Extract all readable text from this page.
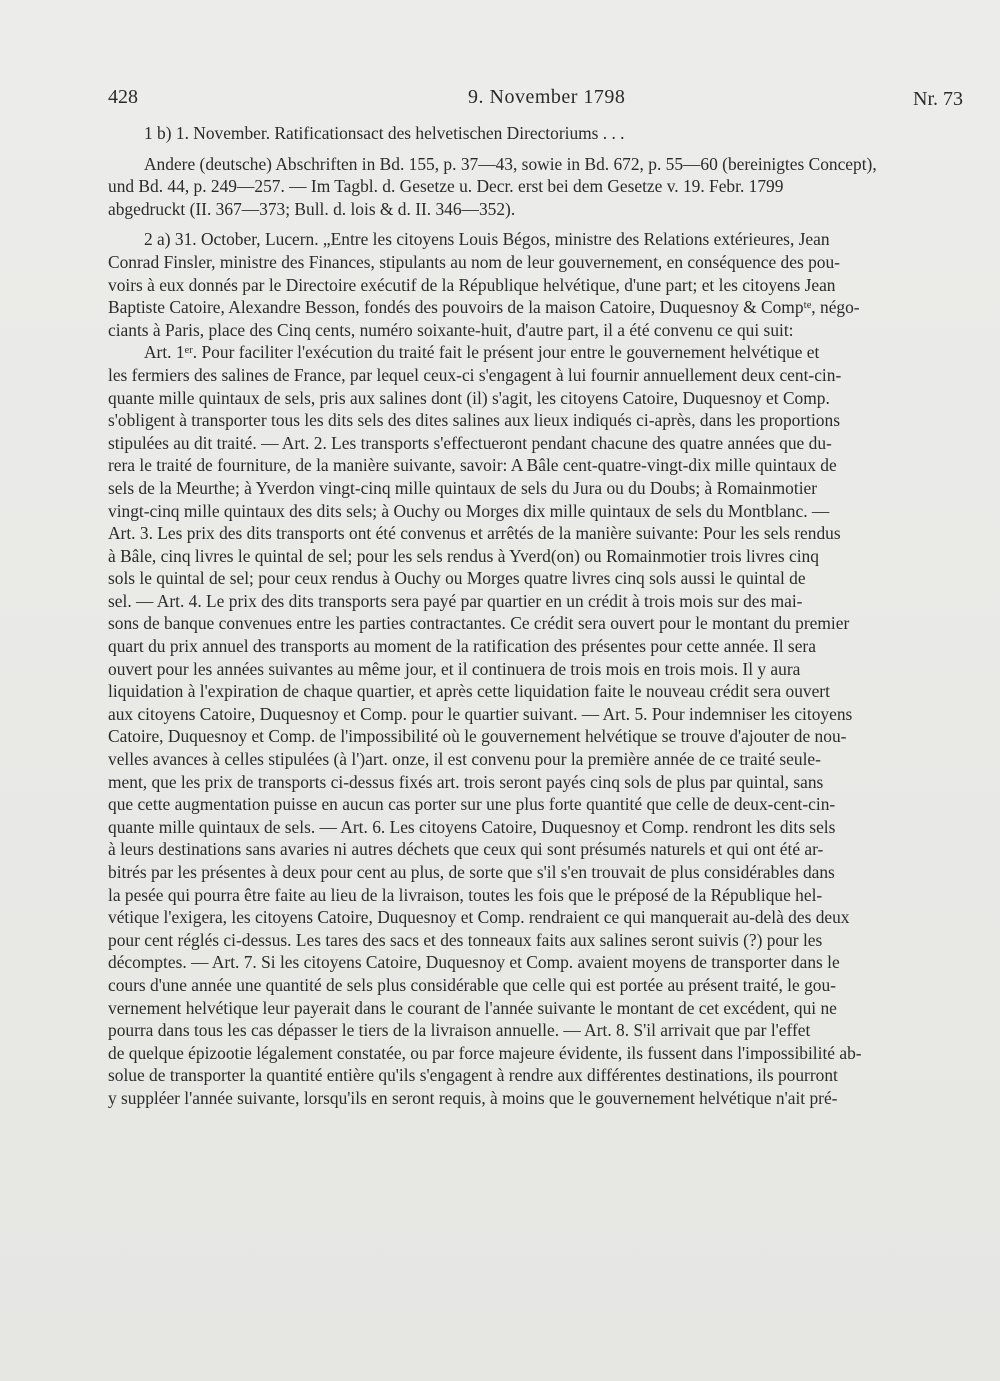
428	9. November 1798	Nr. 73

1 b) 1. November. Ratificationsact des helvetischen Directoriums . . .

Andere (deutsche) Abschriften in Bd. 155, p. 37—43, sowie in Bd. 672, p. 55—60 (bereinigtes Concept),

und Bd. 44, p. 249—257. — Im Tagbl. d. Gesetze u. Decr. erst bei dem Gesetze v. 19. Febr. 1799

abgedruckt (II. 367—373; Bull. d. lois & d. II. 346—352).

2 a) 31. October, Lucern. „Entre les citoyens Louis Bégos, ministre des Relations extérieures, Jean

Conrad Finsler, ministre des Finances, stipulants au nom de leur gouvernement, en conséquence des pou-

voirs à eux donnés par le Directoire exécutif de la République helvétique, d'une part; et les citoyens Jean

Baptiste Catoire, Alexandre Besson, fondés des pouvoirs de la maison Catoire, Duquesnoy & Compᵗᵉ, négo-

ciants à Paris, place des Cinq cents, numéro soixante-huit, d'autre part, il a été convenu ce qui suit:

Art. 1ᵉʳ. Pour faciliter l'exécution du traité fait le présent jour entre le gouvernement helvétique et

les fermiers des salines de France, par lequel ceux-ci s'engagent à lui fournir annuellement deux cent-cin-

quante mille quintaux de sels, pris aux salines dont (il) s'agit, les citoyens Catoire, Duquesnoy et Comp.

s'obligent à transporter tous les dits sels des dites salines aux lieux indiqués ci-après, dans les proportions

stipulées au dit traité. — Art. 2. Les transports s'effectueront pendant chacune des quatre années que du-

rera le traité de fourniture, de la manière suivante, savoir: A Bâle cent-quatre-vingt-dix mille quintaux de

sels de la Meurthe; à Yverdon vingt-cinq mille quintaux de sels du Jura ou du Doubs; à Romainmotier

vingt-cinq mille quintaux des dits sels; à Ouchy ou Morges dix mille quintaux de sels du Montblanc. —

Art. 3. Les prix des dits transports ont été convenus et arrêtés de la manière suivante: Pour les sels rendus

à Bâle, cinq livres le quintal de sel; pour les sels rendus à Yverd(on) ou Romainmotier trois livres cinq

sols le quintal de sel; pour ceux rendus à Ouchy ou Morges quatre livres cinq sols aussi le quintal de

sel. — Art. 4. Le prix des dits transports sera payé par quartier en un crédit à trois mois sur des mai-

sons de banque convenues entre les parties contractantes. Ce crédit sera ouvert pour le montant du premier

quart du prix annuel des transports au moment de la ratification des présentes pour cette année. Il sera

ouvert pour les années suivantes au même jour, et il continuera de trois mois en trois mois. Il y aura

liquidation à l'expiration de chaque quartier, et après cette liquidation faite le nouveau crédit sera ouvert

aux citoyens Catoire, Duquesnoy et Comp. pour le quartier suivant. — Art. 5. Pour indemniser les citoyens

Catoire, Duquesnoy et Comp. de l'impossibilité où le gouvernement helvétique se trouve d'ajouter de nou-

velles avances à celles stipulées (à l')art. onze, il est convenu pour la première année de ce traité seule-

ment, que les prix de transports ci-dessus fixés art. trois seront payés cinq sols de plus par quintal, sans

que cette augmentation puisse en aucun cas porter sur une plus forte quantité que celle de deux-cent-cin-

quante mille quintaux de sels. — Art. 6. Les citoyens Catoire, Duquesnoy et Comp. rendront les dits sels

à leurs destinations sans avaries ni autres déchets que ceux qui sont présumés naturels et qui ont été ar-

bitrés par les présentes à deux pour cent au plus, de sorte que s'il s'en trouvait de plus considérables dans

la pesée qui pourra être faite au lieu de la livraison, toutes les fois que le préposé de la République hel-

vétique l'exigera, les citoyens Catoire, Duquesnoy et Comp. rendraient ce qui manquerait au-delà des deux

pour cent réglés ci-dessus. Les tares des sacs et des tonneaux faits aux salines seront suivis (?) pour les

décomptes. — Art. 7. Si les citoyens Catoire, Duquesnoy et Comp. avaient moyens de transporter dans le

cours d'une année une quantité de sels plus considérable que celle qui est portée au présent traité, le gou-

vernement helvétique leur payerait dans le courant de l'année suivante le montant de cet excédent, qui ne

pourra dans tous les cas dépasser le tiers de la livraison annuelle. — Art. 8. S'il arrivait que par l'effet

de quelque épizootie légalement constatée, ou par force majeure évidente, ils fussent dans l'impossibilité ab-

solue de transporter la quantité entière qu'ils s'engagent à rendre aux différentes destinations, ils pourront

y suppléer l'année suivante, lorsqu'ils en seront requis, à moins que le gouvernement helvétique n'ait pré-
